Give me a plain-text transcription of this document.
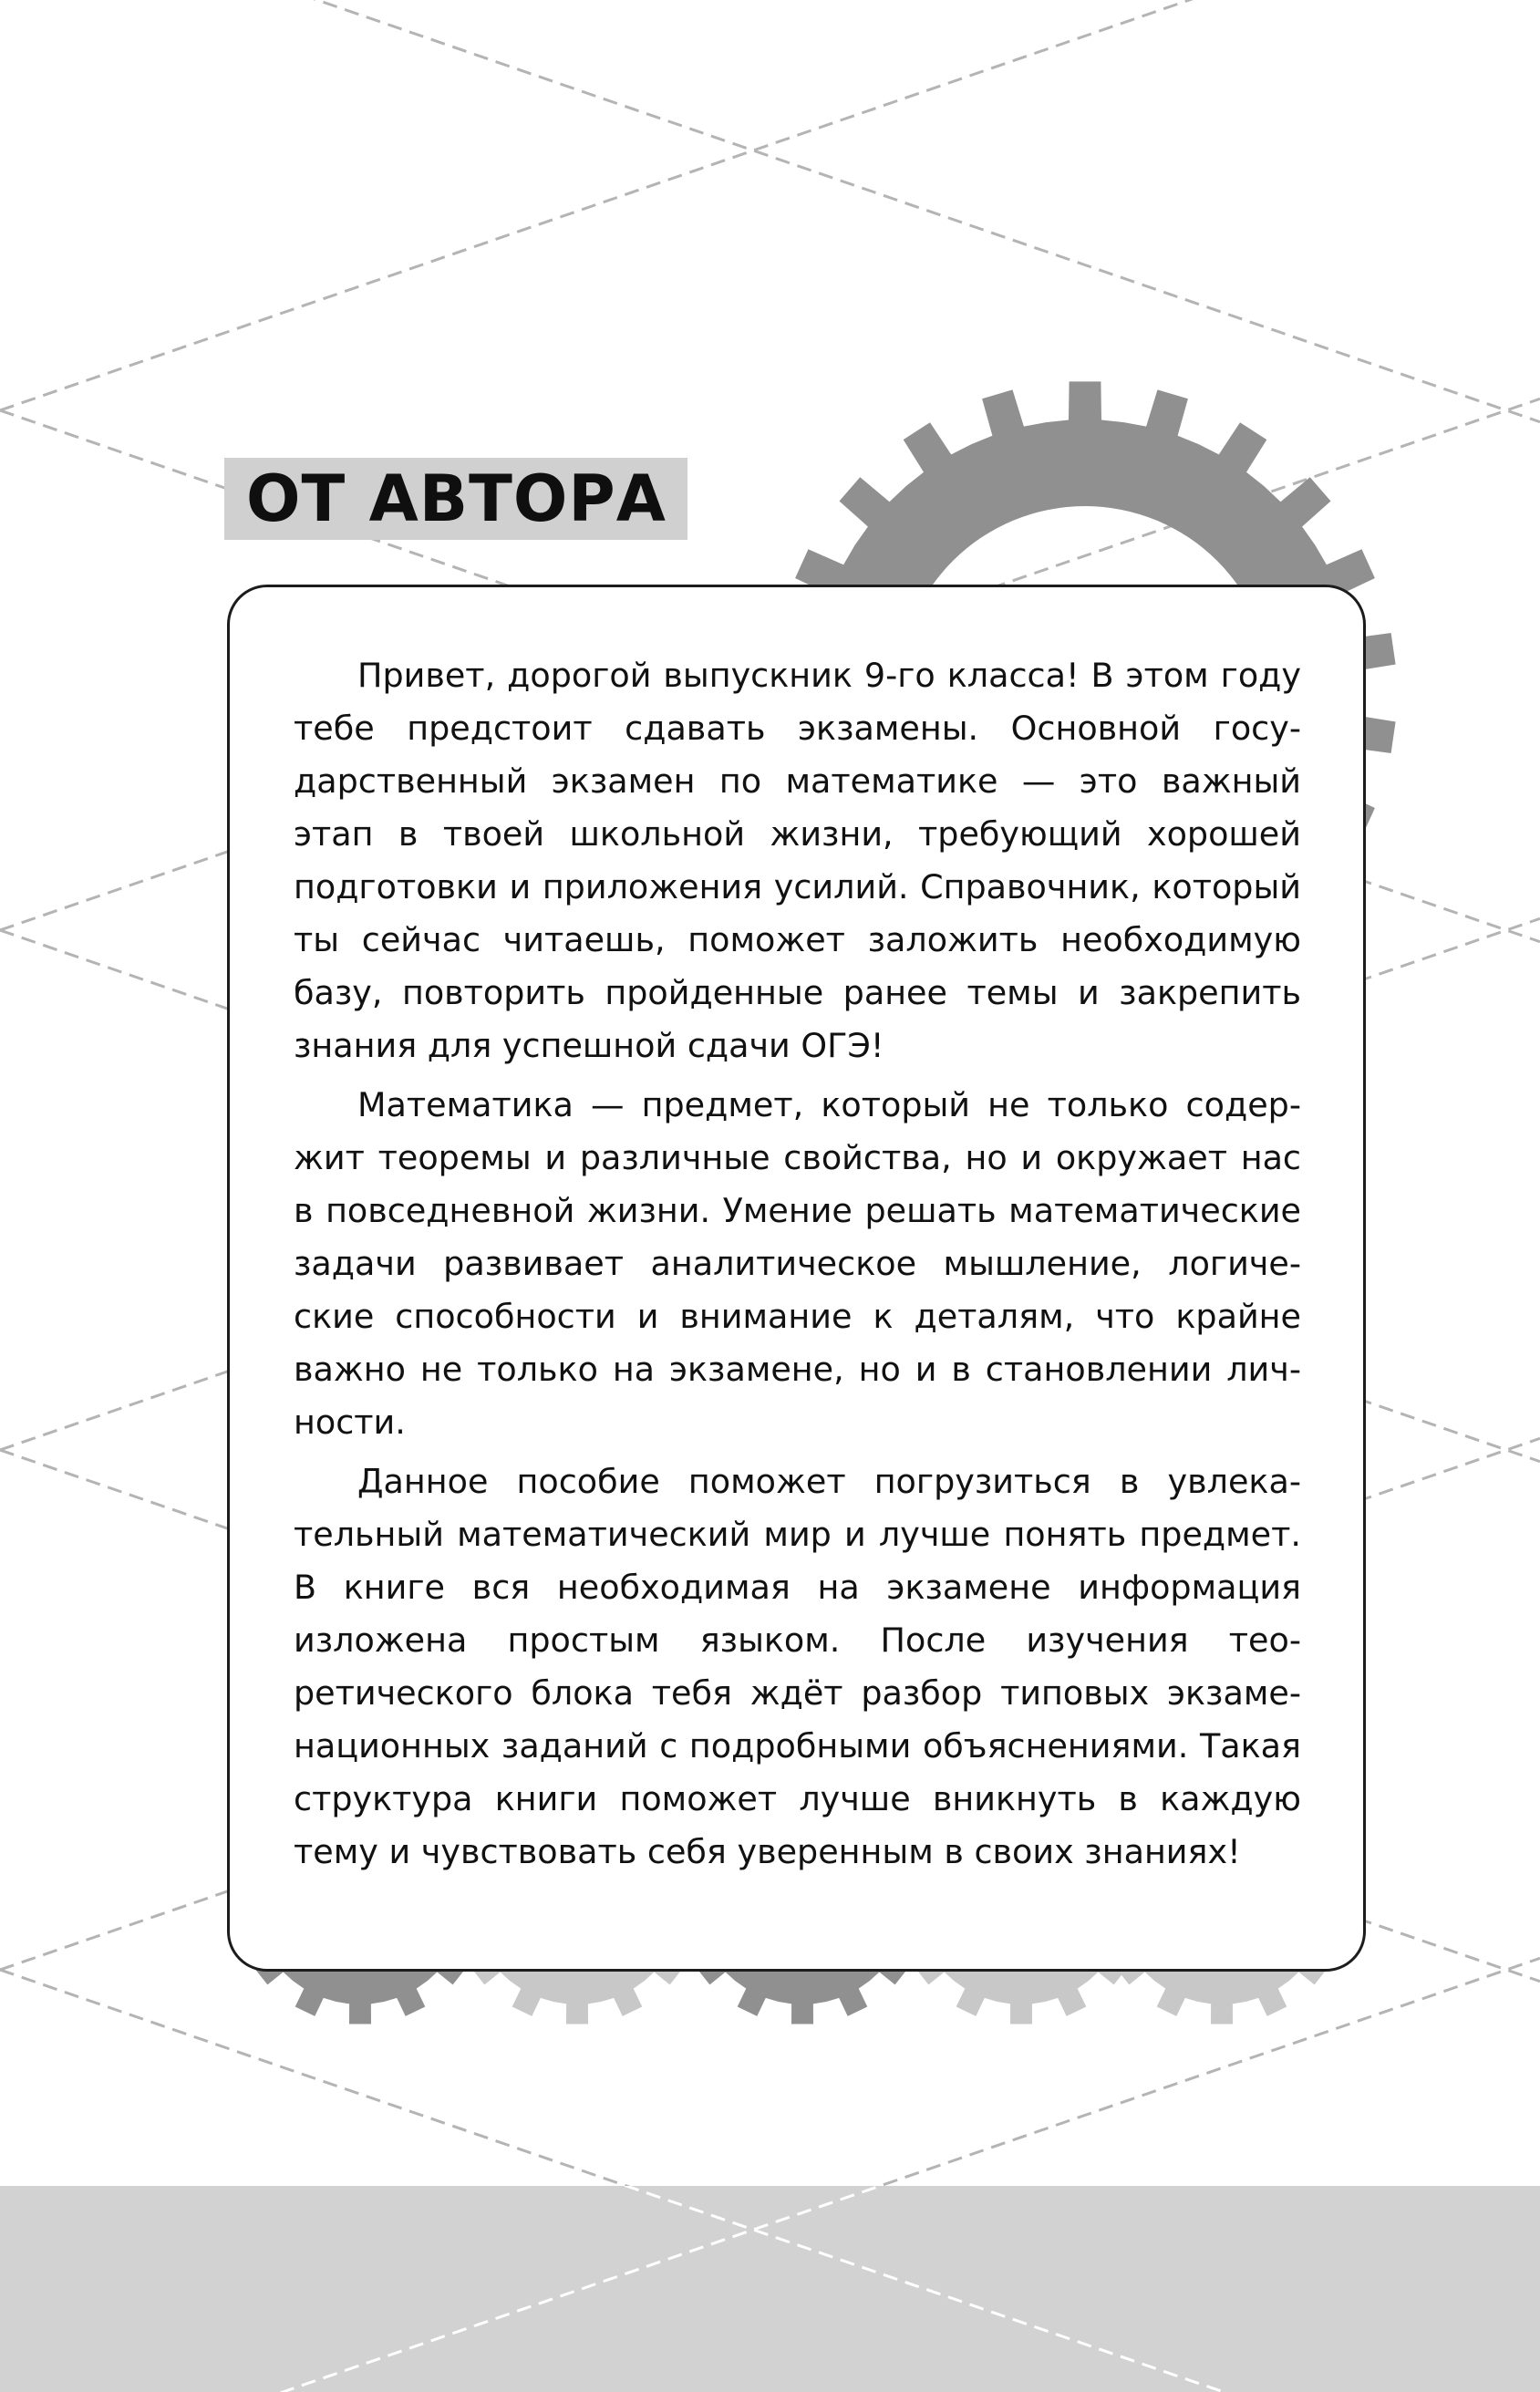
ОТ АВТОРА

Привет, дорогой выпускник 9-го класса! В этом году тебе предстоит сдавать экзамены. Основной государственный экзамен по математике — это важный этап в твоей школьной жизни, требующий хорошей подготовки и приложения усилий. Справочник, который ты сейчас читаешь, поможет заложить необходимую базу, повторить пройденные ранее темы и закрепить знания для успешной сдачи ОГЭ!

Математика — предмет, который не только содержит теоремы и различные свойства, но и окружает нас в повседневной жизни. Умение решать математические задачи развивает аналитическое мышление, логические способности и внимание к деталям, что крайне важно не только на экзамене, но и в становлении личности.

Данное пособие поможет погрузиться в увлекательный математический мир и лучше понять предмет. В книге вся необходимая на экзамене информация изложена простым языком. После изучения теоретического блока тебя ждёт разбор типовых экзаменационных заданий с подробными объяснениями. Такая структура книги поможет лучше вникнуть в каждую тему и чувствовать себя уверенным в своих знаниях!
